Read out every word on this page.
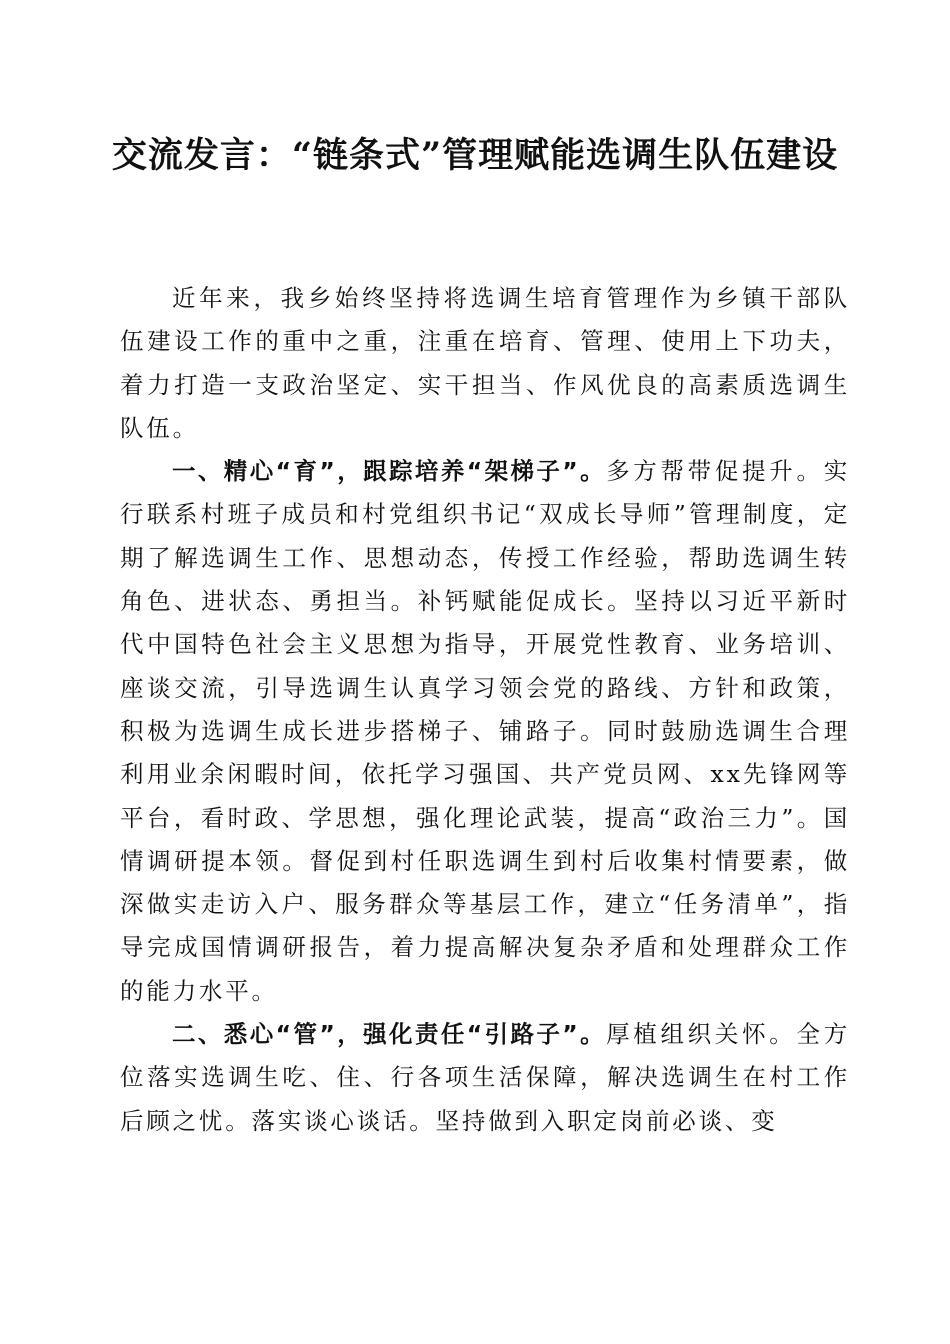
交流发言：“链条式”管理赋能选调生队伍建设

近年来，我乡始终坚持将选调生培育管理作为乡镇干部队伍建设工作的重中之重，注重在培育、管理、使用上下功夫，着力打造一支政治坚定、实干担当、作风优良的高素质选调生队伍。

一、精心“育”，跟踪培养“架梯子”。多方帮带促提升。实行联系村班子成员和村党组织书记“双成长导师”管理制度，定期了解选调生工作、思想动态，传授工作经验，帮助选调生转角色、进状态、勇担当。补钙赋能促成长。坚持以习近平新时代中国特色社会主义思想为指导，开展党性教育、业务培训、座谈交流，引导选调生认真学习领会党的路线、方针和政策，积极为选调生成长进步搭梯子、铺路子。同时鼓励选调生合理利用业余闲暇时间，依托学习强国、共产党员网、xx先锋网等平台，看时政、学思想，强化理论武装，提高“政治三力”。国情调研提本领。督促到村任职选调生到村后收集村情要素，做深做实走访入户、服务群众等基层工作，建立“任务清单”，指导完成国情调研报告，着力提高解决复杂矛盾和处理群众工作的能力水平。

二、悉心“管”，强化责任“引路子”。厚植组织关怀。全方位落实选调生吃、住、行各项生活保障，解决选调生在村工作后顾之忧。落实谈心谈话。坚持做到入职定岗前必谈、变
